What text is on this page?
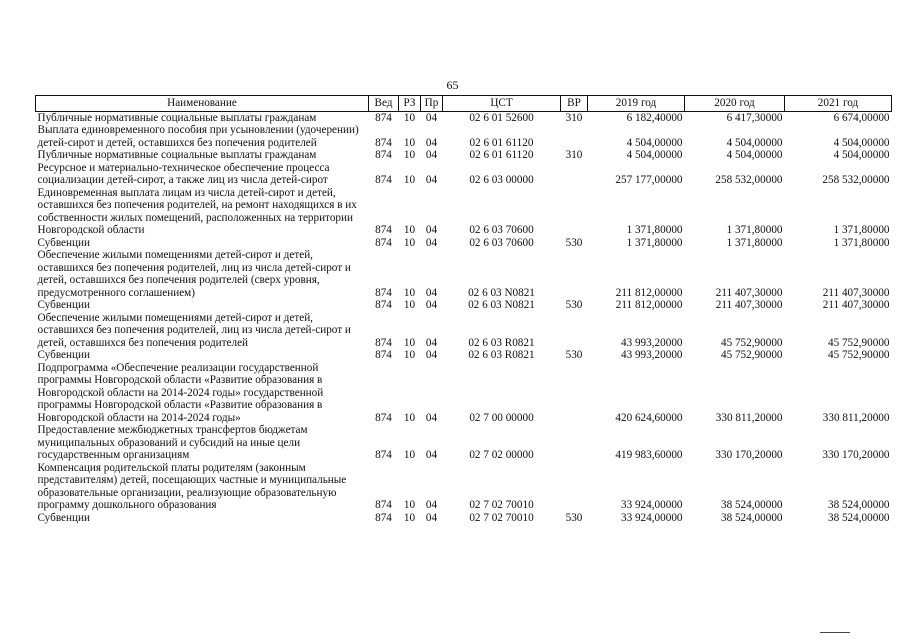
65
Наименование	Вед	РЗ	Пр	ЦСТ	ВР	2019 год	2020 год	2021 год
Публичные нормативные социальные выплаты гражданам	874	10	04	02 6 01 52600	310	6 182,40000	6 417,30000	6 674,00000
Выплата единовременного пособия при усыновлении (удочерении) детей-сирот и детей, оставшихся без попечения родителей	874	10	04	02 6 01 61120		4 504,00000	4 504,00000	4 504,00000
Публичные нормативные социальные выплаты гражданам	874	10	04	02 6 01 61120	310	4 504,00000	4 504,00000	4 504,00000
Ресурсное и материально-техническое обеспечение процесса социализации детей-сирот, а также лиц из числа детей-сирот	874	10	04	02 6 03 00000		257 177,00000	258 532,00000	258 532,00000
Единовременная выплата лицам из числа детей-сирот и детей, оставшихся без попечения родителей, на ремонт находящихся в их собственности жилых помещений, расположенных на территории Новгородской области	874	10	04	02 6 03 70600		1 371,80000	1 371,80000	1 371,80000
Субвенции	874	10	04	02 6 03 70600	530	1 371,80000	1 371,80000	1 371,80000
Обеспечение жилыми помещениями детей-сирот и детей, оставшихся без попечения родителей, лиц из числа детей-сирот и детей, оставшихся без попечения родителей (сверх уровня, предусмотренного соглашением)	874	10	04	02 6 03 N0821		211 812,00000	211 407,30000	211 407,30000
Субвенции	874	10	04	02 6 03 N0821	530	211 812,00000	211 407,30000	211 407,30000
Обеспечение жилыми помещениями детей-сирот и детей, оставшихся без попечения родителей, лиц из числа детей-сирот и детей, оставшихся без попечения родителей	874	10	04	02 6 03 R0821		43 993,20000	45 752,90000	45 752,90000
Субвенции	874	10	04	02 6 03 R0821	530	43 993,20000	45 752,90000	45 752,90000
Подпрограмма «Обеспечение реализации государственной программы Новгородской области «Развитие образования в Новгородской области на 2014-2024 годы» государственной программы Новгородской области «Развитие образования в Новгородской области на 2014-2024 годы»	874	10	04	02 7 00 00000		420 624,60000	330 811,20000	330 811,20000
Предоставление межбюджетных трансфертов бюджетам муниципальных образований и субсидий на иные цели государственным организациям	874	10	04	02 7 02 00000		419 983,60000	330 170,20000	330 170,20000
Компенсация родительской платы родителям (законным представителям) детей, посещающих частные и муниципальные образовательные организации, реализующие образовательную программу дошкольного образования	874	10	04	02 7 02 70010		33 924,00000	38 524,00000	38 524,00000
Субвенции	874	10	04	02 7 02 70010	530	33 924,00000	38 524,00000	38 524,00000
